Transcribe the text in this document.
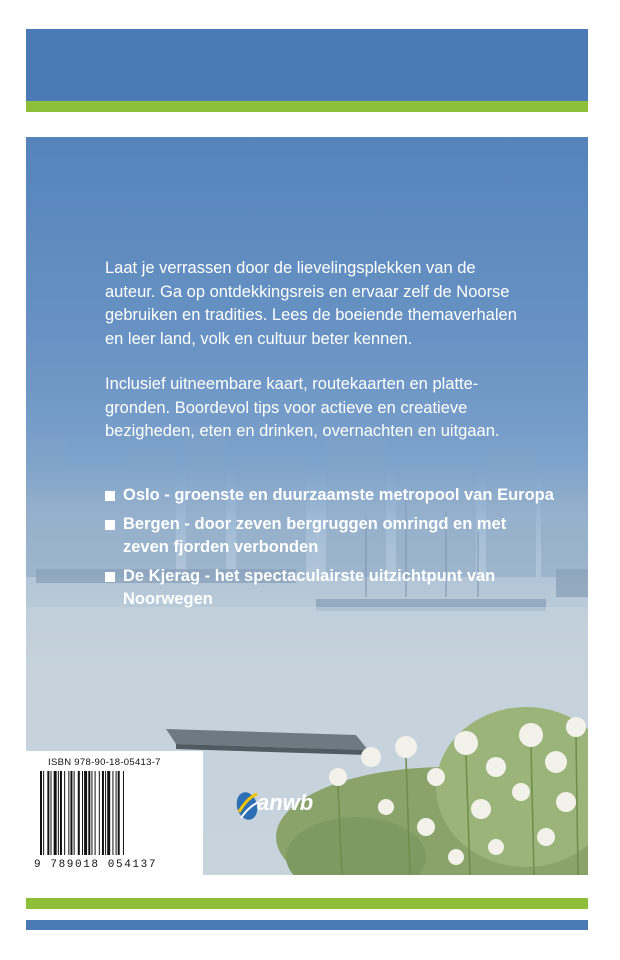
Laat je verrassen door de lievelingsplekken van de
auteur. Ga op ontdekkingsreis en ervaar zelf de Noorse
gebruiken en tradities. Lees de boeiende themaverhalen
en leer land, volk en cultuur beter kennen.

Inclusief uitneembare kaart, routekaarten en platte-
gronden. Boordevol tips voor actieve en creatieve
bezigheden, eten en drinken, overnachten en uitgaan.

Oslo - groenste en duurzaamste metropool van Europa
Bergen - door zeven bergruggen omringd en met zeven fjorden verbonden
De Kjerag - het spectaculairste uitzichtpunt van Noorwegen
ISBN 978-90-18-05413-7
9 789018 054137
anwb
